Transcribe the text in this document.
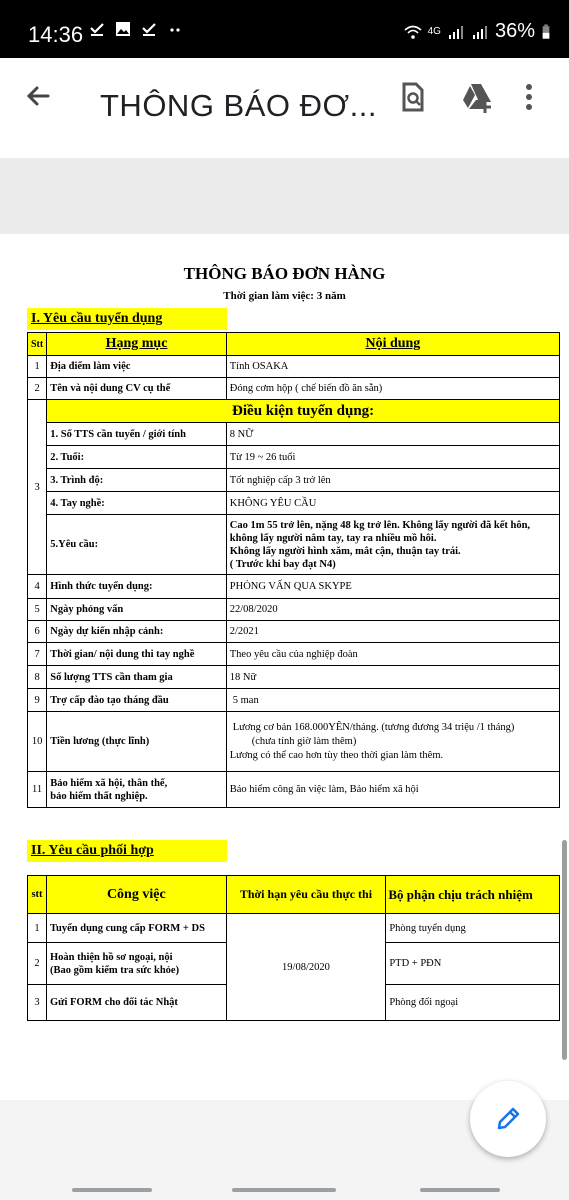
14:36	4G	36%
THÔNG BÁO ĐƠ...
THÔNG BÁO ĐƠN HÀNG
Thời gian làm việc: 3 năm
I. Yêu cầu tuyển dụng
Stt	Hạng mục	Nội dung
1	Địa điểm làm việc	Tỉnh OSAKA
2	Tên và nội dung CV cụ thể	Đóng cơm hộp ( chế biến đồ ăn sẵn)
3	Điều kiện tuyển dụng:	
	1. Số TTS cần tuyển / giới tính	8 NỮ
	2. Tuổi:	Từ 19 ~ 26 tuổi
	3. Trình độ:	Tốt nghiệp cấp 3 trở lên
	4. Tay nghề:	KHÔNG YÊU CẦU
	5.Yêu cầu:	Cao 1m 55 trở lên, nặng 48 kg trở lên. Không lấy người đã kết hôn,
không lấy người nắm tay, tay ra nhiều mồ hôi.
Không lấy người hình xăm, mắt cận, thuận tay trái.
( Trước khi bay đạt N4)

4	Hình thức tuyển dụng:	PHỎNG VẤN QUA SKYPE
5	Ngày phỏng vấn	22/08/2020
6	Ngày dự kiến nhập cảnh:	2/2021
7	Thời gian/ nội dung thi tay nghề	Theo yêu cầu của nghiệp đoàn
8	Số lượng TTS cần tham gia	18 Nữ
9	Trợ cấp đào tạo tháng đầu	5 man
10	Tiền lương (thực lĩnh)	Lương cơ bản 168.000YÊN/tháng. (tương đương 34 triệu /1 tháng)
(chưa tính giờ làm thêm)
Lương có thể cao hơn tùy theo thời gian làm thêm.

11	Bảo hiểm xã hội, thân thể,
bảo hiểm thất nghiệp.	Bảo hiểm công ăn việc làm, Bảo hiểm xã hội
II. Yêu cầu phối hợp
stt	Công việc	Thời hạn yêu cầu thực thi	Bộ phận chịu trách nhiệm
1	Tuyển dụng cung cấp FORM + DS	19/08/2020	Phòng tuyển dụng
2	Hoàn thiện hồ sơ ngoại, nội
(Bao gồm kiểm tra sức khỏe)		PTD + PĐN
3	Gửi FORM cho đối tác Nhật		Phòng đối ngoại
